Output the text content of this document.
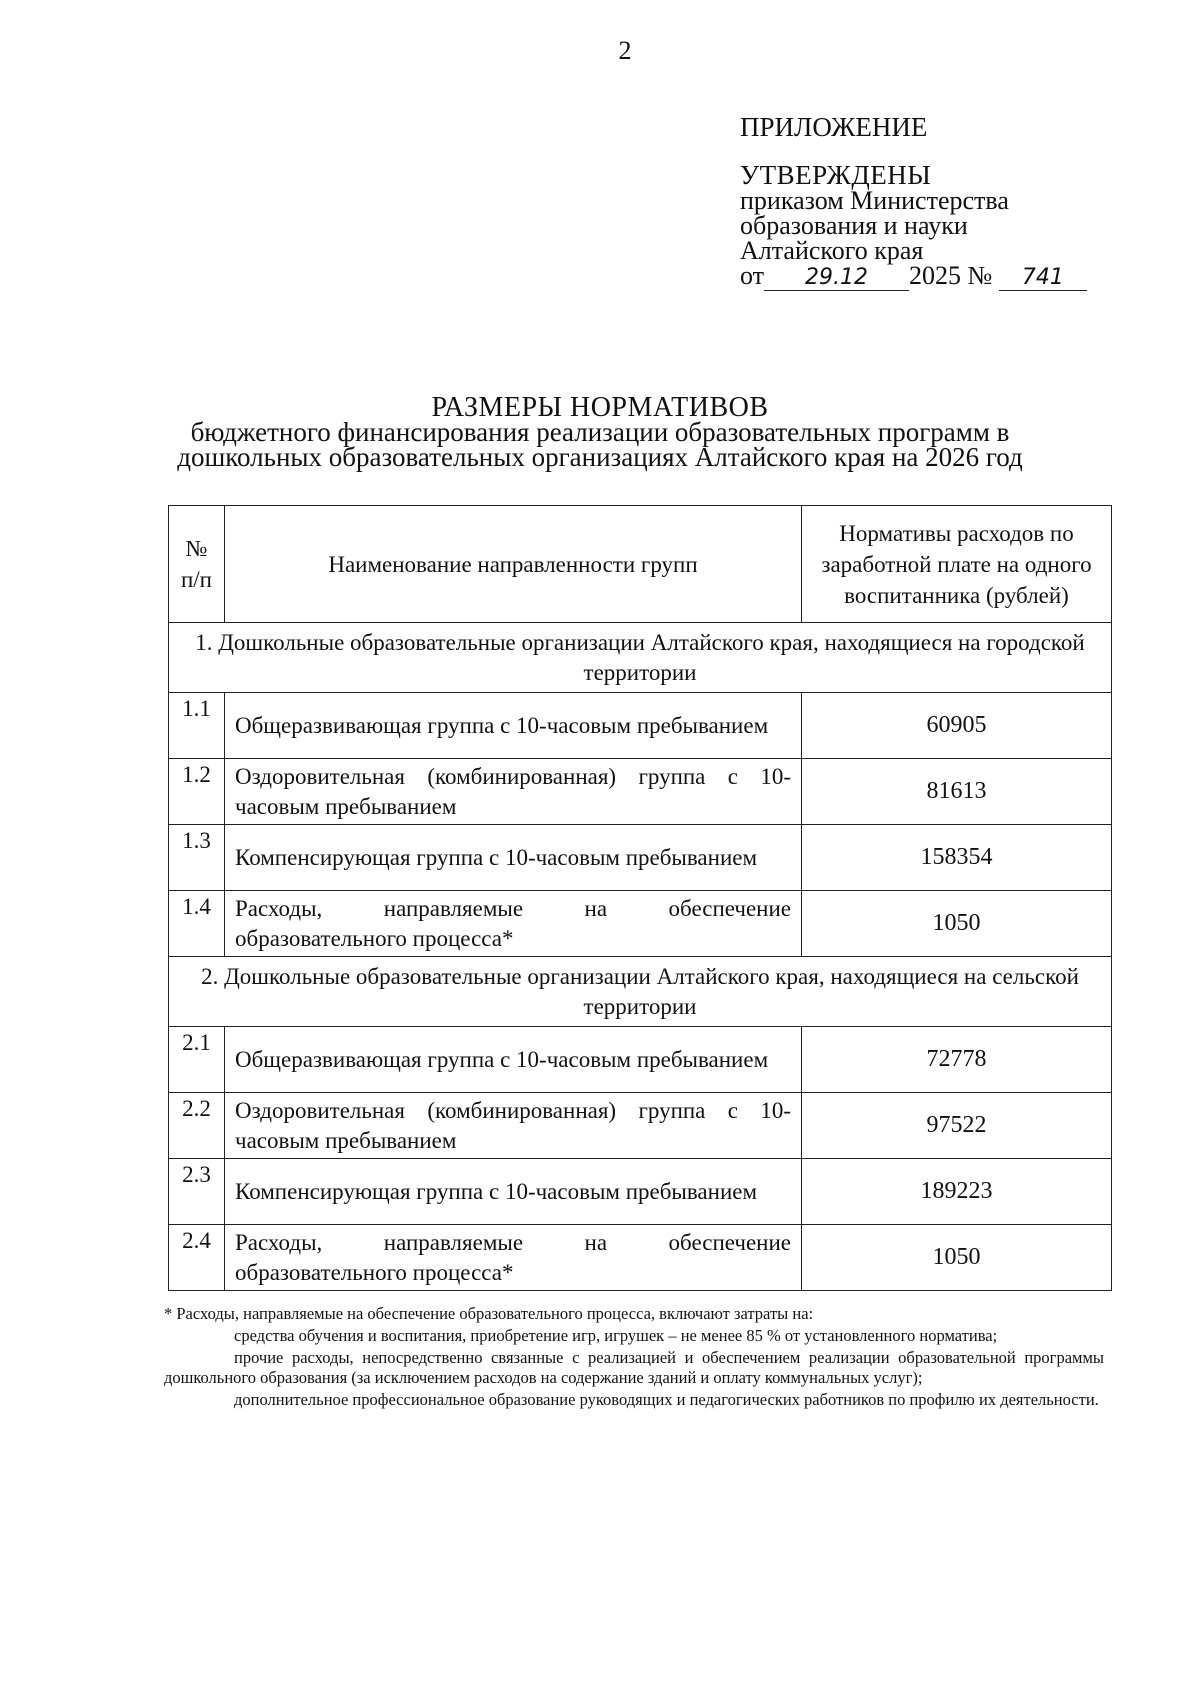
2
ПРИЛОЖЕНИЕ
УТВЕРЖДЕНЫ
приказом Министерства
образования и науки
Алтайского края
от 29.12 2025 № 741
РАЗМЕРЫ НОРМАТИВОВ
бюджетного финансирования реализации образовательных программ в
дошкольных образовательных организациях Алтайского края на 2026 год
№ п/п	Наименование направленности групп	Нормативы расходов по заработной плате на одного воспитанника (рублей)
1. Дошкольные образовательные организации Алтайского края, находящиеся на городской территории		
1.1	Общеразвивающая группа с 10-часовым пребыванием	60905
1.2	Оздоровительная (комбинированная) группа с 10-часовым пребыванием	81613
1.3	Компенсирующая группа с 10-часовым пребыванием	158354
1.4	Расходы, направляемые на обеспечение образовательного процесса*	1050
2. Дошкольные образовательные организации Алтайского края, находящиеся на сельской территории		
2.1	Общеразвивающая группа с 10-часовым пребыванием	72778
2.2	Оздоровительная (комбинированная) группа с 10-часовым пребыванием	97522
2.3	Компенсирующая группа с 10-часовым пребыванием	189223
2.4	Расходы, направляемые на обеспечение образовательного процесса*	1050

* Расходы, направляемые на обеспечение образовательного процесса, включают затраты на:

средства обучения и воспитания, приобретение игр, игрушек – не менее 85 % от установленного норматива;

прочие расходы, непосредственно связанные с реализацией и обеспечением реализации образовательной программы дошкольного образования (за исключением расходов на содержание зданий и оплату коммунальных услуг);

дополнительное профессиональное образование руководящих и педагогических работников по профилю их деятельности.
